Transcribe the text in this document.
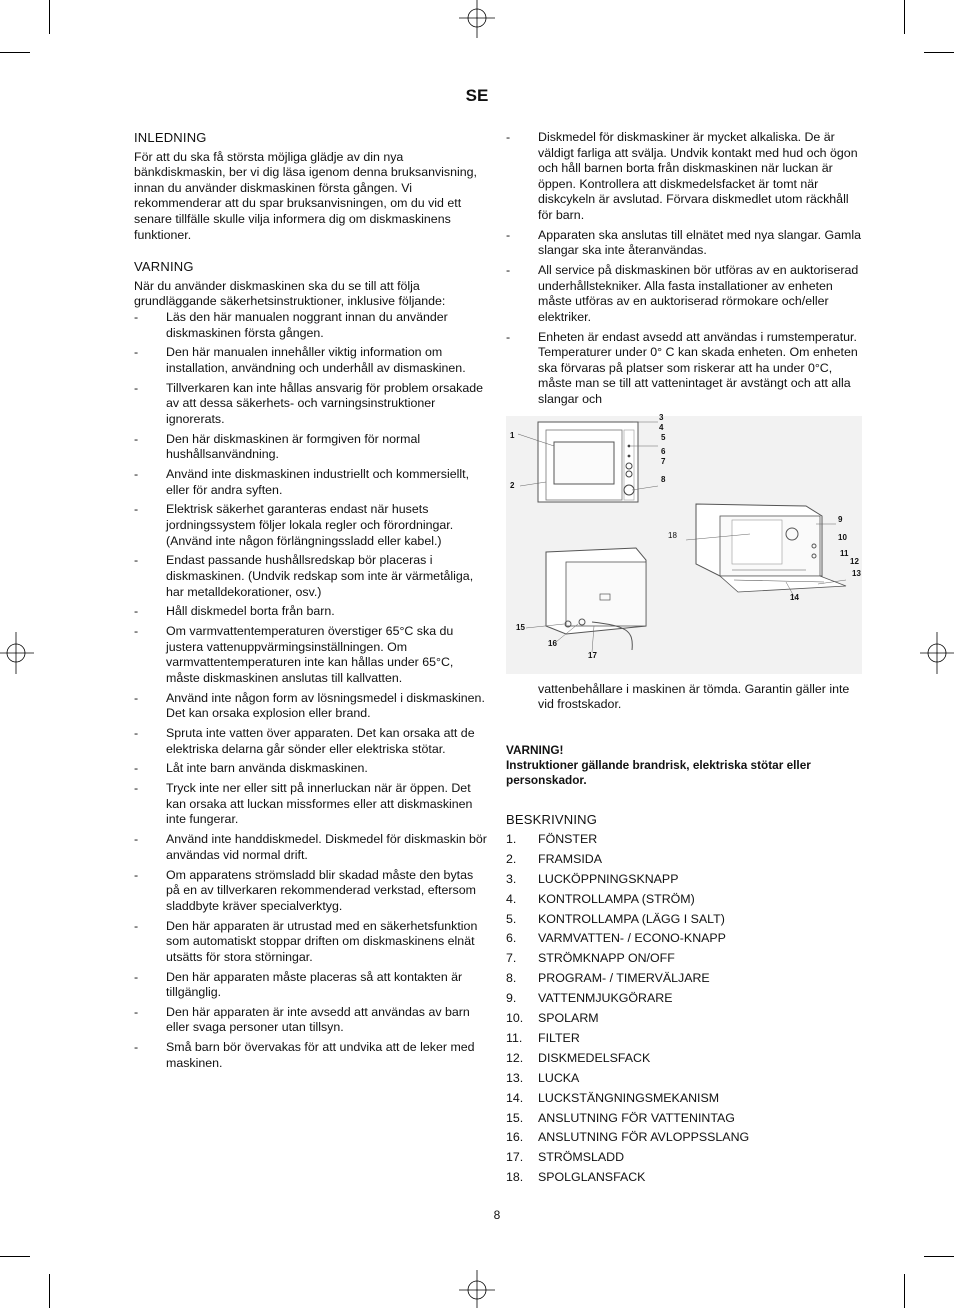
SE
INLEDNING

För att du ska få största möjliga glädje av din nya bänkdiskmaskin, ber vi dig läsa igenom denna bruksanvisning, innan du använder diskmaskinen första gången. Vi rekommenderar att du spar bruksanvisningen, om du vid ett senare tillfälle skulle vilja informera dig om diskmaskinens funktioner.

VARNING

När du använder diskmaskinen ska du se till att följa grundläggande säkerhetsinstruktioner, inklusive följande:

- Läs den här manualen noggrant innan du använder diskmaskinen första gången.
- Den här manualen innehåller viktig information om installation, användning och underhåll av dismaskinen.
- Tillverkaren kan inte hållas ansvarig för problem orsakade av att dessa säkerhets- och varningsinstruktioner ignorerats.
- Den här diskmaskinen är formgiven för normal hushållsanvändning.
- Använd inte diskmaskinen industriellt och kommersiellt, eller för andra syften.
- Elektrisk säkerhet garanteras endast när husets jordningssystem följer lokala regler och förordningar. (Använd inte någon förlängningssladd eller kabel.)
- Endast passande hushållsredskap bör placeras i diskmaskinen. (Undvik redskap som inte är värmetåliga, har metalldekorationer, osv.)
- Håll diskmedel borta från barn.
- Om varmvattentemperaturen överstiger 65°C ska du justera vattenuppvärmingsinställningen. Om varmvattentemperaturen inte kan hållas under 65°C, måste diskmaskinen anslutas till kallvatten.
- Använd inte någon form av lösningsmedel i diskmaskinen. Det kan orsaka explosion eller brand.
- Spruta inte vatten över apparaten. Det kan orsaka att de elektriska delarna går sönder eller elektriska stötar.
- Låt inte barn använda diskmaskinen.
- Tryck inte ner eller sitt på innerluckan när är öppen. Det kan orsaka att luckan missformes eller att diskmaskinen inte fungerar.
- Använd inte handdiskmedel. Diskmedel för diskmaskin bör användas vid normal drift.
- Om apparatens strömsladd blir skadad måste den bytas på en av tillverkaren rekommenderad verkstad, eftersom sladdbyte kräver specialverktyg.
- Den här apparaten är utrustad med en säkerhetsfunktion som automatiskt stoppar driften om diskmaskinens elnät utsätts för stora störningar.
- Den här apparaten måste placeras så att kontakten är tillgänglig.
- Den här apparaten är inte avsedd att användas av barn eller svaga personer utan tillsyn.
- Små barn bör övervakas för att undvika att de leker med maskinen.
- Diskmedel för diskmaskiner är mycket alkaliska. De är väldigt farliga att svälja. Undvik kontakt med hud och ögon och håll barnen borta från diskmaskinen när luckan är öppen. Kontrollera att diskmedelsfacket är tomt när diskcykeln är avslutad. Förvara diskmedlet utom räckhåll för barn.
- Apparaten ska anslutas till elnätet med nya slangar. Gamla slangar ska inte återanvändas.
- All service på diskmaskinen bör utföras av en auktoriserad underhållstekniker. Alla fasta installationer av enheten måste utföras av en auktoriserad rörmokare och/eller elektriker.
- Enheten är endast avsedd att användas i rumstemperatur. Temperaturer under 0° C kan skada enheten. Om enheten ska förvaras på platser som riskerar att ha under 0°C, måste man se till att vattenintaget är avstängt och att alla slangar och
1
2
3
4
5
6
7
8
9
10
11
12
13
14
15
16
17
18

vattenbehållare i maskinen är tömda. Garantin gäller inte vid frostskador.

VARNING!

Instruktioner gällande brandrisk, elektriska stötar eller personskador.

BESKRIVNING
1. FÖNSTER
2. FRAMSIDA
3. LUCKÖPPNINGSKNAPP
4. KONTROLLAMPA (STRÖM)
5. KONTROLLAMPA (LÄGG I SALT)
6. VARMVATTEN- / ECONO-KNAPP
7. STRÖMKNAPP ON/OFF
8. PROGRAM- / TIMERVÄLJARE
9. VATTENMJUKGÖRARE
10. SPOLARM
11. FILTER
12. DISKMEDELSFACK
13. LUCKA
14. LUCKSTÄNGNINGSMEKANISM
15. ANSLUTNING FÖR VATTENINTAG
16. ANSLUTNING FÖR AVLOPPSSLANG
17. STRÖMSLADD
18. SPOLGLANSFACK
8
